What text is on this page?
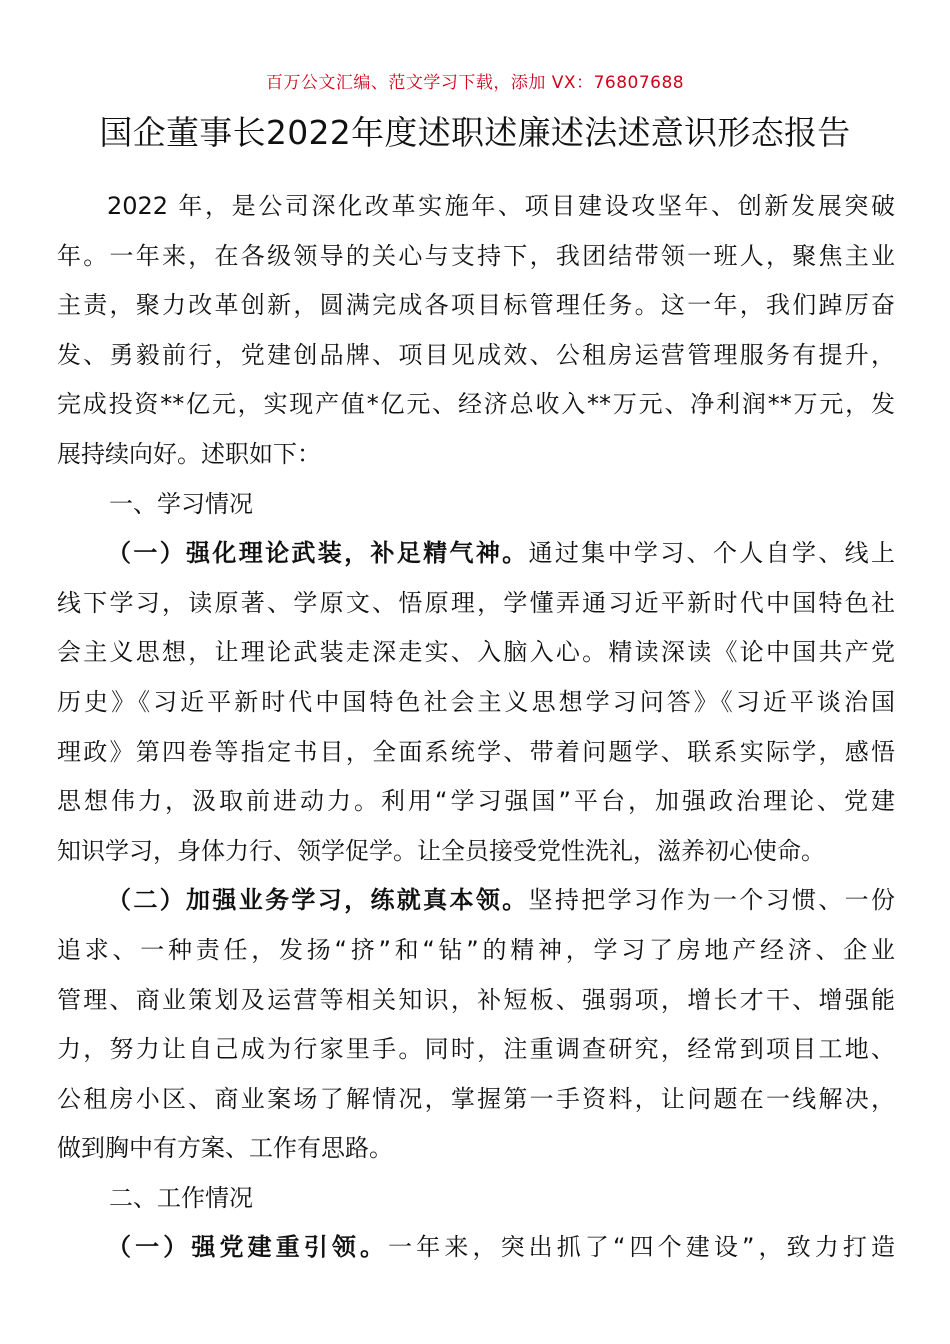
百万公文汇编、范文学习下载，添加 VX：76807688
国企董事长2022年度述职述廉述法述意识形态报告
2022 年，是公司深化改革实施年、项目建设攻坚年、创新发展突破
年。一年来，在各级领导的关心与支持下，我团结带领一班人，聚焦主业
主责，聚力改革创新，圆满完成各项目标管理任务。这一年，我们踔厉奋
发、勇毅前行，党建创品牌、项目见成效、公租房运营管理服务有提升，
完成投资**亿元，实现产值*亿元、经济总收入**万元、净利润**万元，发
展持续向好。述职如下：
一、学习情况
（一）强化理论武装，补足精气神。通过集中学习、个人自学、线上
线下学习，读原著、学原文、悟原理，学懂弄通习近平新时代中国特色社
会主义思想，让理论武装走深走实、入脑入心。精读深读《论中国共产党
历史》《习近平新时代中国特色社会主义思想学习问答》《习近平谈治国
理政》第四卷等指定书目，全面系统学、带着问题学、联系实际学，感悟
思想伟力，汲取前进动力。利用“学习强国”平台，加强政治理论、党建
知识学习，身体力行、领学促学。让全员接受党性洗礼，滋养初心使命。
（二）加强业务学习，练就真本领。坚持把学习作为一个习惯、一份
追求、一种责任，发扬“挤”和“钻”的精神，学习了房地产经济、企业
管理、商业策划及运营等相关知识，补短板、强弱项，增长才干、增强能
力，努力让自己成为行家里手。同时，注重调查研究，经常到项目工地、
公租房小区、商业案场了解情况，掌握第一手资料，让问题在一线解决，
做到胸中有方案、工作有思路。
二、工作情况
（一）强党建重引领。一年来，突出抓了“四个建设”，致力打造
